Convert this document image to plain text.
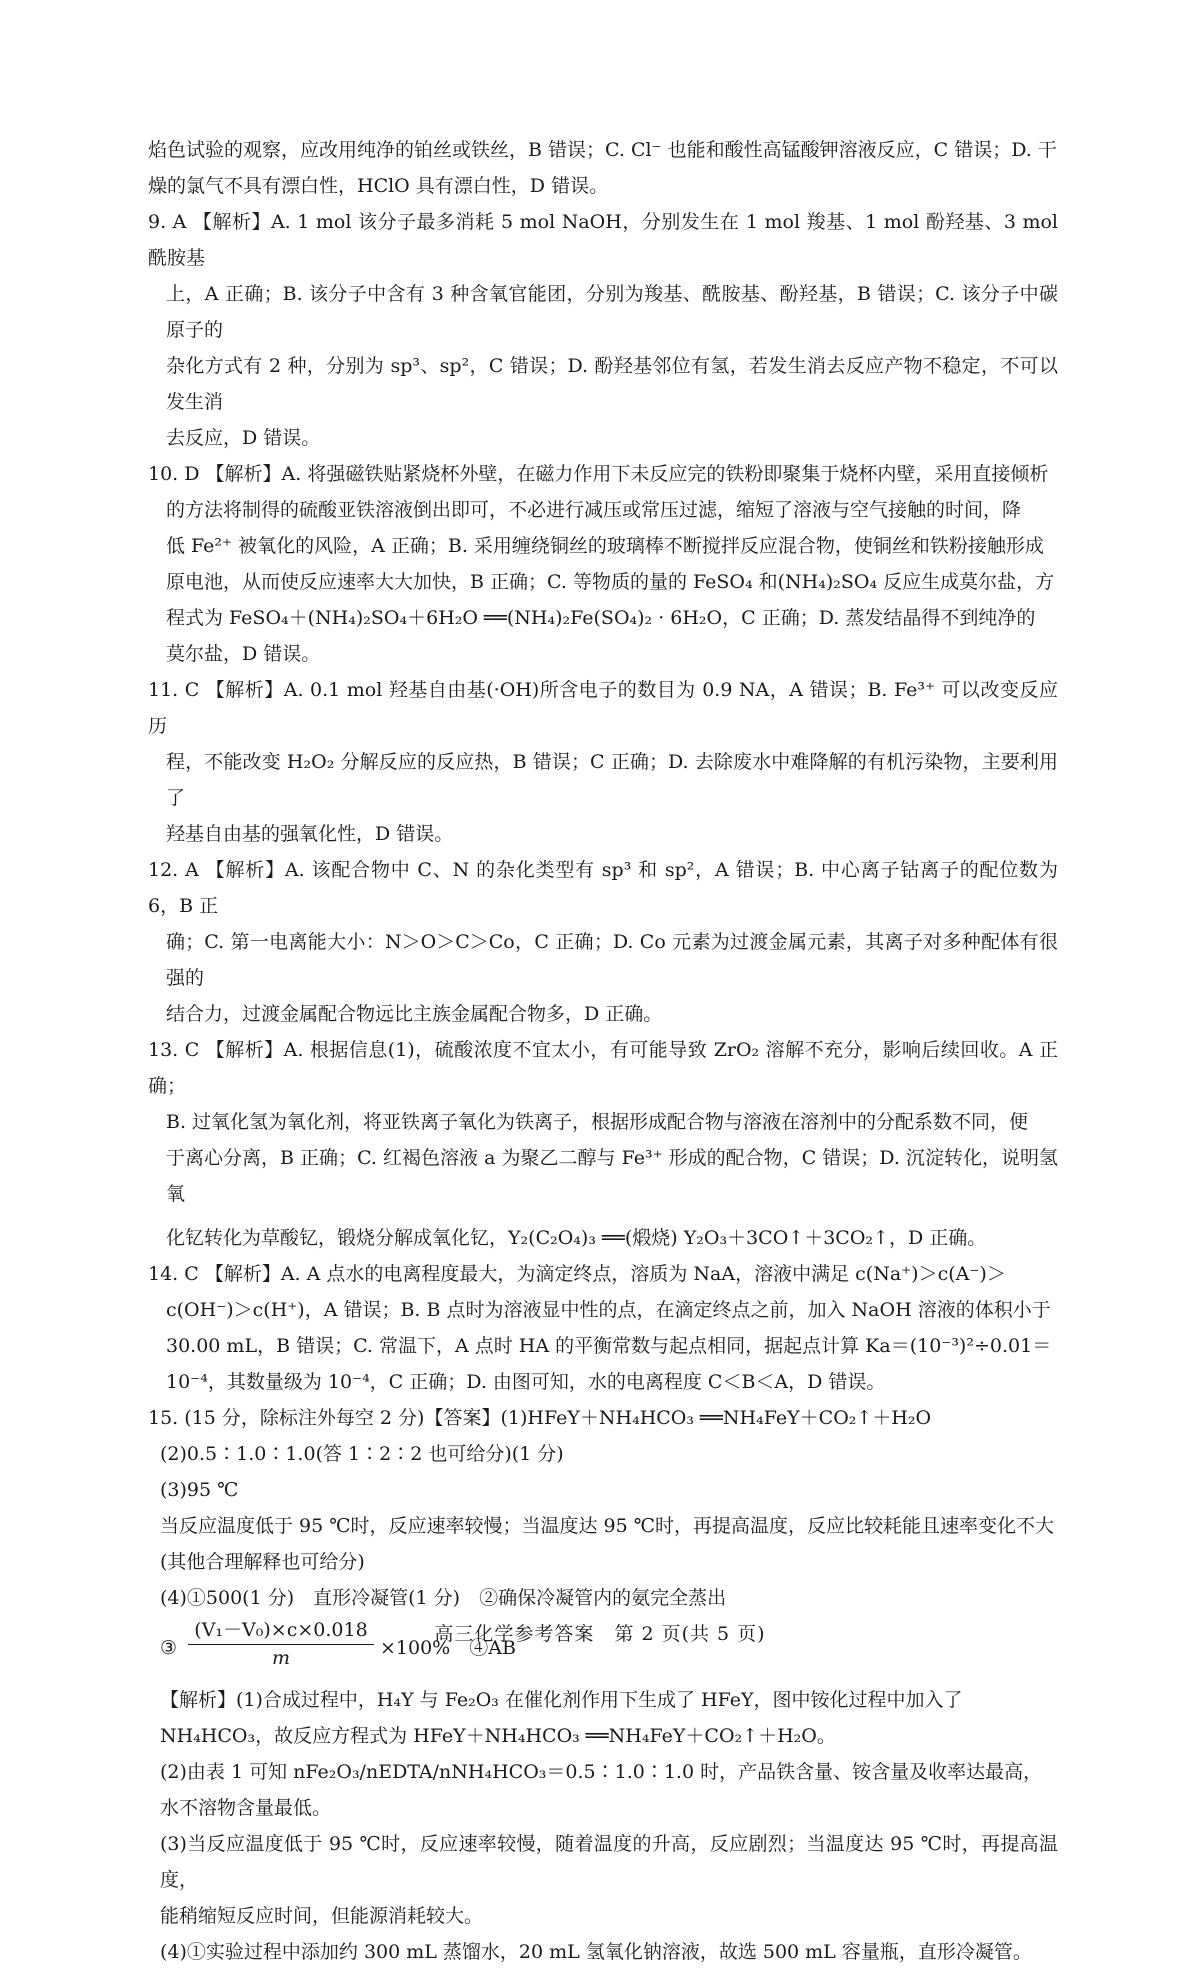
焰色试验的观察，应改用纯净的铂丝或铁丝，B 错误；C. Cl⁻ 也能和酸性高锰酸钾溶液反应，C 错误；D. 干

燥的氯气不具有漂白性，HClO 具有漂白性，D 错误。

9. A 【解析】A. 1 mol 该分子最多消耗 5 mol NaOH，分别发生在 1 mol 羧基、1 mol 酚羟基、3 mol 酰胺基

上，A 正确；B. 该分子中含有 3 种含氧官能团，分别为羧基、酰胺基、酚羟基，B 错误；C. 该分子中碳原子的

杂化方式有 2 种，分别为 sp³、sp²，C 错误；D. 酚羟基邻位有氢，若发生消去反应产物不稳定，不可以发生消

去反应，D 错误。

10. D 【解析】A. 将强磁铁贴紧烧杯外壁，在磁力作用下未反应完的铁粉即聚集于烧杯内壁，采用直接倾析

的方法将制得的硫酸亚铁溶液倒出即可，不必进行减压或常压过滤，缩短了溶液与空气接触的时间，降

低 Fe²⁺ 被氧化的风险，A 正确；B. 采用缠绕铜丝的玻璃棒不断搅拌反应混合物，使铜丝和铁粉接触形成

原电池，从而使反应速率大大加快，B 正确；C. 等物质的量的 FeSO₄ 和(NH₄)₂SO₄ 反应生成莫尔盐，方

程式为 FeSO₄＋(NH₄)₂SO₄＋6H₂O ══(NH₄)₂Fe(SO₄)₂ · 6H₂O，C 正确；D. 蒸发结晶得不到纯净的

莫尔盐，D 错误。

11. C 【解析】A. 0.1 mol 羟基自由基(·OH)所含电子的数目为 0.9 NA，A 错误；B. Fe³⁺ 可以改变反应历

程，不能改变 H₂O₂ 分解反应的反应热，B 错误；C 正确；D. 去除废水中难降解的有机污染物，主要利用了

羟基自由基的强氧化性，D 错误。

12. A 【解析】A. 该配合物中 C、N 的杂化类型有 sp³ 和 sp²，A 错误；B. 中心离子钴离子的配位数为 6，B 正

确；C. 第一电离能大小：N＞O＞C＞Co，C 正确；D. Co 元素为过渡金属元素，其离子对多种配体有很强的

结合力，过渡金属配合物远比主族金属配合物多，D 正确。

13. C 【解析】A. 根据信息(1)，硫酸浓度不宜太小，有可能导致 ZrO₂ 溶解不充分，影响后续回收。A 正确；

B. 过氧化氢为氧化剂，将亚铁离子氧化为铁离子，根据形成配合物与溶液在溶剂中的分配系数不同，便

于离心分离，B 正确；C. 红褐色溶液 a 为聚乙二醇与 Fe³⁺ 形成的配合物，C 错误；D. 沉淀转化，说明氢氧

化钇转化为草酸钇，锻烧分解成氧化钇，Y₂(C₂O₄)₃ ══(煅烧) Y₂O₃＋3CO↑＋3CO₂↑，D 正确。

14. C 【解析】A. A 点水的电离程度最大，为滴定终点，溶质为 NaA，溶液中满足 c(Na⁺)＞c(A⁻)＞

c(OH⁻)＞c(H⁺)，A 错误；B. B 点时为溶液显中性的点，在滴定终点之前，加入 NaOH 溶液的体积小于

30.00 mL，B 错误；C. 常温下，A 点时 HA 的平衡常数与起点相同，据起点计算 Ka＝(10⁻³)²÷0.01＝

10⁻⁴，其数量级为 10⁻⁴，C 正确；D. 由图可知，水的电离程度 C＜B＜A，D 错误。

15. (15 分，除标注外每空 2 分)【答案】(1)HFeY＋NH₄HCO₃ ══NH₄FeY＋CO₂↑＋H₂O

(2)0.5∶1.0∶1.0(答 1∶2∶2 也可给分)(1 分)

(3)95 ℃

当反应温度低于 95 ℃时，反应速率较慢；当温度达 95 ℃时，再提高温度，反应比较耗能且速率变化不大

(其他合理解释也可给分)

(4)①500(1 分)　直形冷凝管(1 分)　②确保冷凝管内的氨完全蒸出

③
(V₁－V₀)×c×0.018
m	×100%　④AB

【解析】(1)合成过程中，H₄Y 与 Fe₂O₃ 在催化剂作用下生成了 HFeY，图中铵化过程中加入了

NH₄HCO₃，故反应方程式为 HFeY＋NH₄HCO₃ ══NH₄FeY＋CO₂↑＋H₂O。

(2)由表 1 可知 nFe₂O₃/nEDTA/nNH₄HCO₃＝0.5∶1.0∶1.0 时，产品铁含量、铵含量及收率达最高，

水不溶物含量最低。

(3)当反应温度低于 95 ℃时，反应速率较慢，随着温度的升高，反应剧烈；当温度达 95 ℃时，再提高温度，

能稍缩短反应时间，但能源消耗较大。

(4)①实验过程中添加约 300 mL 蒸馏水，20 mL 氢氧化钠溶液，故选 500 mL 容量瓶，直形冷凝管。

高三化学参考答案　第 2 页(共 5 页)
